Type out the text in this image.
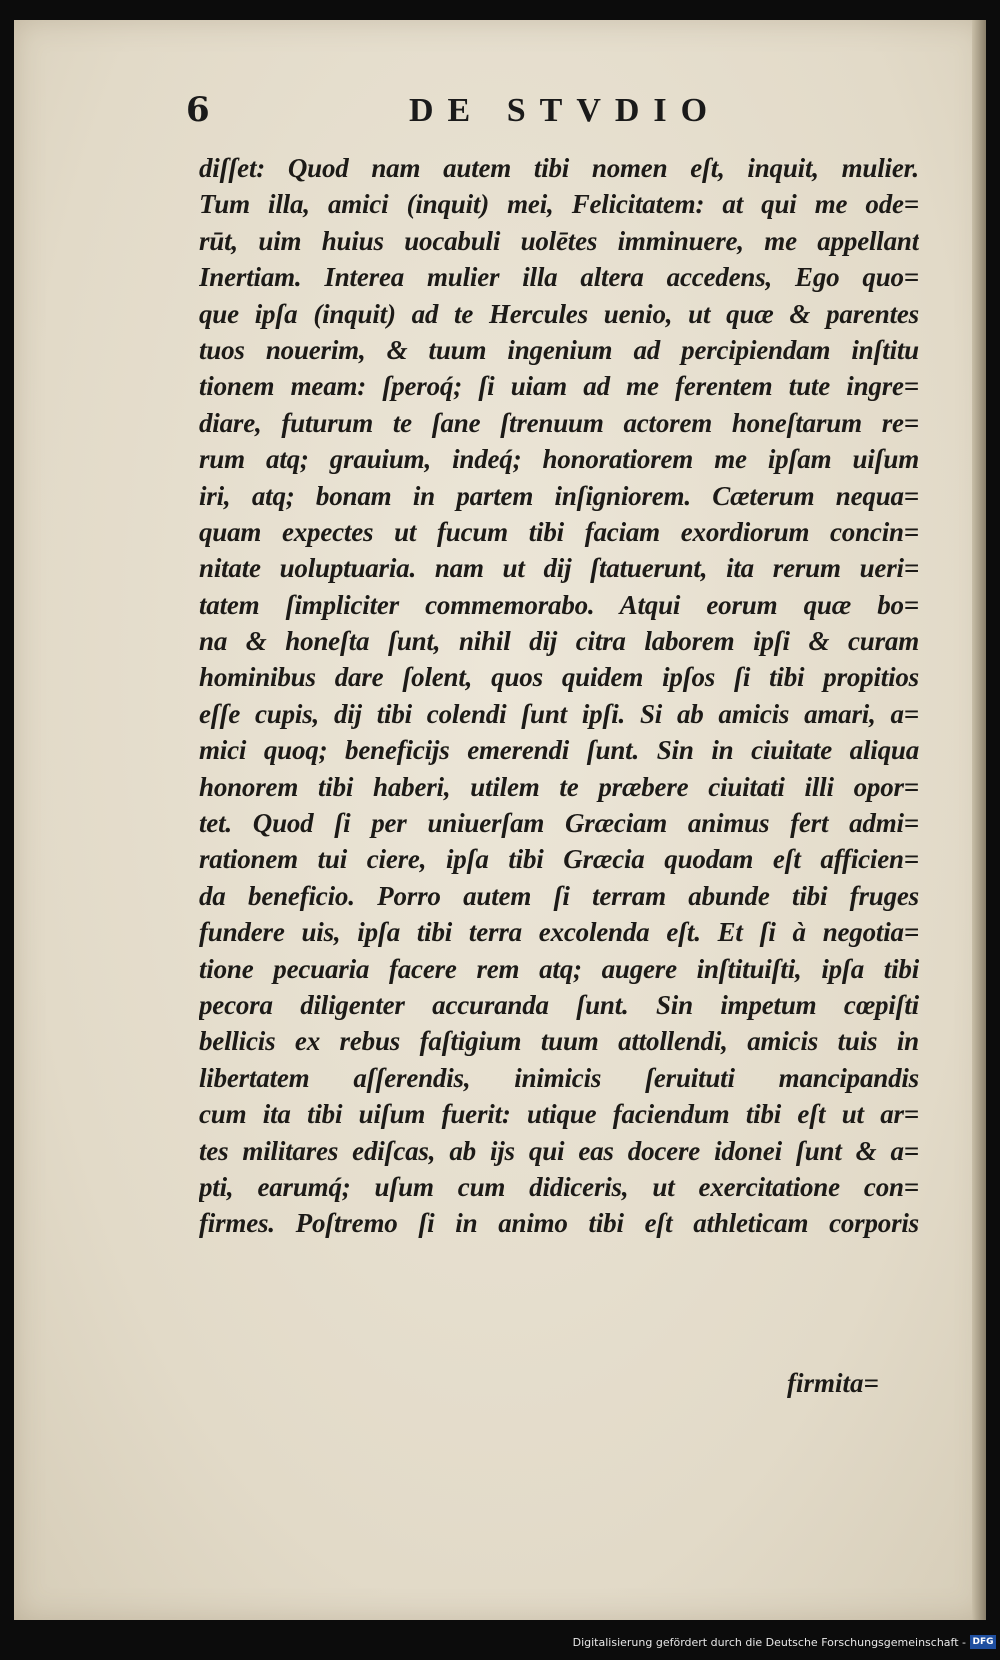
6	DE STVDIO
diſſet: Quod nam autem tibi nomen eſt, inquit, mulier.
Tum illa, amici (inquit) mei, Felicitatem: at qui me ode=
rūt, uim huius uocabuli uolētes imminuere, me appellant
Inertiam. Interea mulier illa altera accedens, Ego quo=
que ipſa (inquit) ad te Hercules uenio, ut quæ & parentes
tuos nouerim, & tuum ingenium ad percipiendam inſtitu
tionem meam: ſperoq́; ſi uiam ad me ferentem tute ingre=
diare, futurum te ſane ſtrenuum actorem honeſtarum re=
rum atq; grauium, indeq́; honoratiorem me ipſam uiſum
iri, atq; bonam in partem inſigniorem. Cæterum nequa=
quam expectes ut fucum tibi faciam exordiorum concin=
nitate uoluptuaria. nam ut dij ſtatuerunt, ita rerum ueri=
tatem ſimpliciter commemorabo. Atqui eorum quæ bo=
na & honeſta ſunt, nihil dij citra laborem ipſi & curam
hominibus dare ſolent, quos quidem ipſos ſi tibi propitios
eſſe cupis, dij tibi colendi ſunt ipſi. Si ab amicis amari, a=
mici quoq; beneficijs emerendi ſunt. Sin in ciuitate aliqua
honorem tibi haberi, utilem te præbere ciuitati illi opor=
tet. Quod ſi per uniuerſam Græciam animus fert admi=
rationem tui ciere, ipſa tibi Græcia quodam eſt afficien=
da beneficio. Porro autem ſi terram abunde tibi fruges
fundere uis, ipſa tibi terra excolenda eſt. Et ſi à negotia=
tione pecuaria facere rem atq; augere inſtituiſti, ipſa tibi
pecora diligenter accuranda ſunt. Sin impetum cœpiſti
bellicis ex rebus faſtigium tuum attollendi, amicis tuis in
libertatem aſſerendis, inimicis ſeruituti mancipandis
cum ita tibi uiſum fuerit: utique faciendum tibi eſt ut ar=
tes militares ediſcas, ab ijs qui eas docere idonei ſunt & a=
pti, earumq́; uſum cum didiceris, ut exercitatione con=
firmes. Poſtremo ſi in animo tibi eſt athleticam corporis
firmita=
Digitalisierung gefördert durch die Deutsche Forschungsgemeinschaft - DFG
